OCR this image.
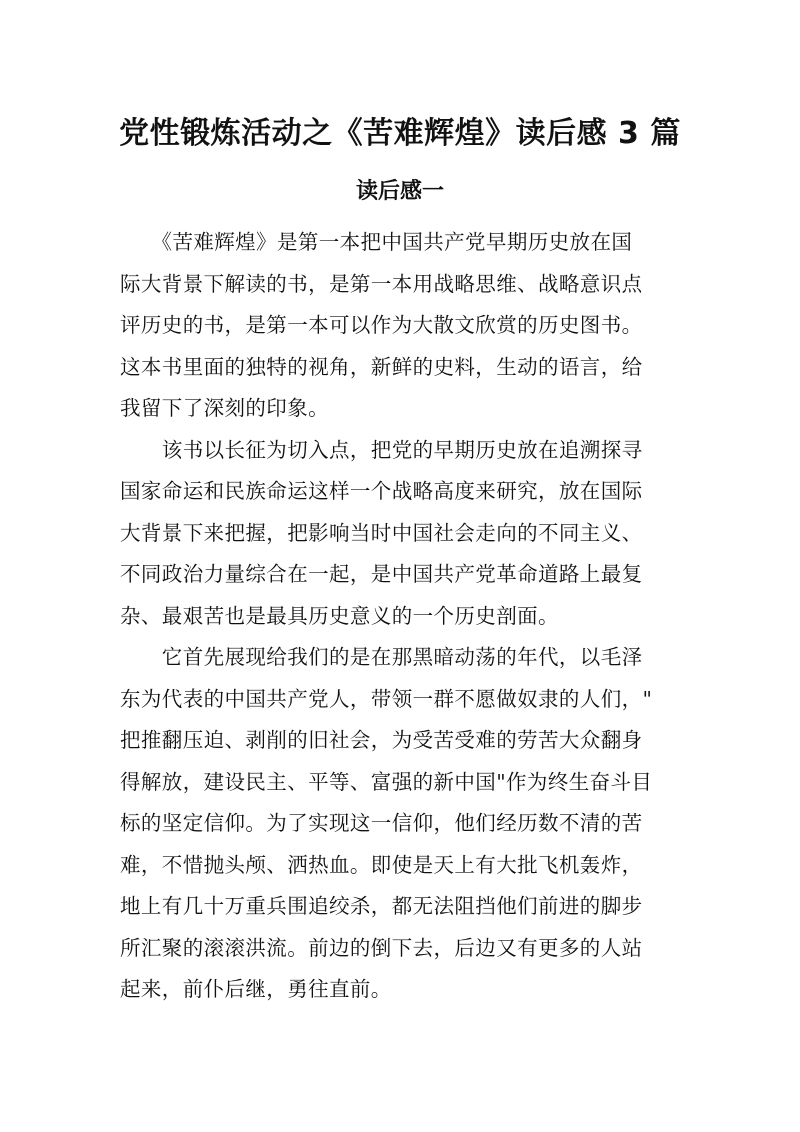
党性锻炼活动之《苦难辉煌》读后感 3 篇
读后感一

　　《苦难辉煌》是第一本把中国共产党早期历史放在国
际大背景下解读的书，是第一本用战略思维、战略意识点
评历史的书，是第一本可以作为大散文欣赏的历史图书。
这本书里面的独特的视角，新鲜的史料，生动的语言，给
我留下了深刻的印象。

　　该书以长征为切入点，把党的早期历史放在追溯探寻
国家命运和民族命运这样一个战略高度来研究，放在国际
大背景下来把握，把影响当时中国社会走向的不同主义、
不同政治力量综合在一起，是中国共产党革命道路上最复
杂、最艰苦也是最具历史意义的一个历史剖面。

　　它首先展现给我们的是在那黑暗动荡的年代，以毛泽
东为代表的中国共产党人，带领一群不愿做奴隶的人们，"
把推翻压迫、剥削的旧社会，为受苦受难的劳苦大众翻身
得解放，建设民主、平等、富强的新中国"作为终生奋斗目
标的坚定信仰。为了实现这一信仰，他们经历数不清的苦
难，不惜抛头颅、洒热血。即使是天上有大批飞机轰炸，
地上有几十万重兵围追绞杀，都无法阻挡他们前进的脚步
所汇聚的滚滚洪流。前边的倒下去，后边又有更多的人站
起来，前仆后继，勇往直前。
